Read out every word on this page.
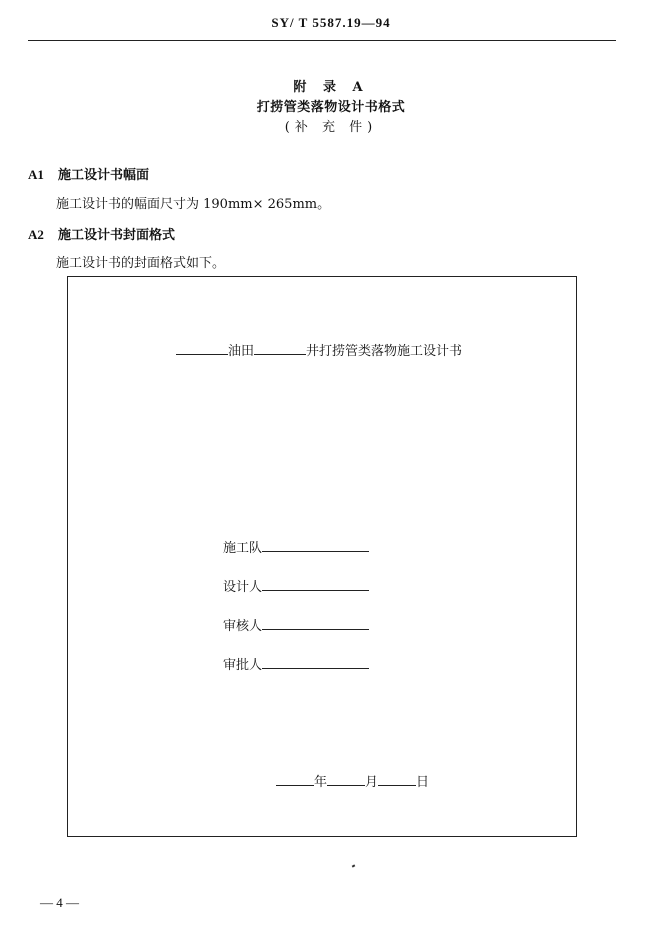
SY/ T 5587.19—94
附 录 A
打捞管类落物设计书格式
(补 充 件)
A1 施工设计书幅面
施工设计书的幅面尺寸为 190mm× 265mm。
A2 施工设计书封面格式
施工设计书的封面格式如下。
油田	井打捞管类落物施工设计书
施工队
设计人
审核人
审批人
年	月	日
— 4 —
